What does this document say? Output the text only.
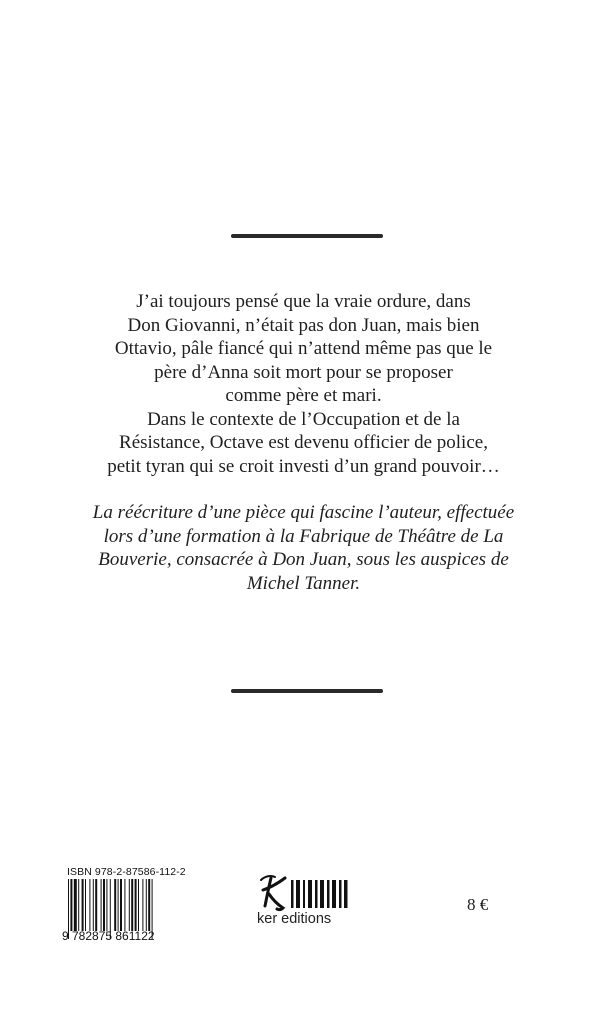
J’ai toujours pensé que la vraie ordure, dans
Don Giovanni, n’était pas don Juan, mais bien
Ottavio, pâle fiancé qui n’attend même pas que le
père d’Anna soit mort pour se proposer
comme père et mari.
Dans le contexte de l’Occupation et de la
Résistance, Octave est devenu officier de police,
petit tyran qui se croit investi d’un grand pouvoir…

La réécriture d’une pièce qui fascine l’auteur, effectuée
lors d’une formation à la Fabrique de Théâtre de La
Bouverie, consacrée à Don Juan, sous les auspices de
Michel Tanner.

ISBN 978-2-87586-112-2
9 782875 861122
ker editions
8 €
